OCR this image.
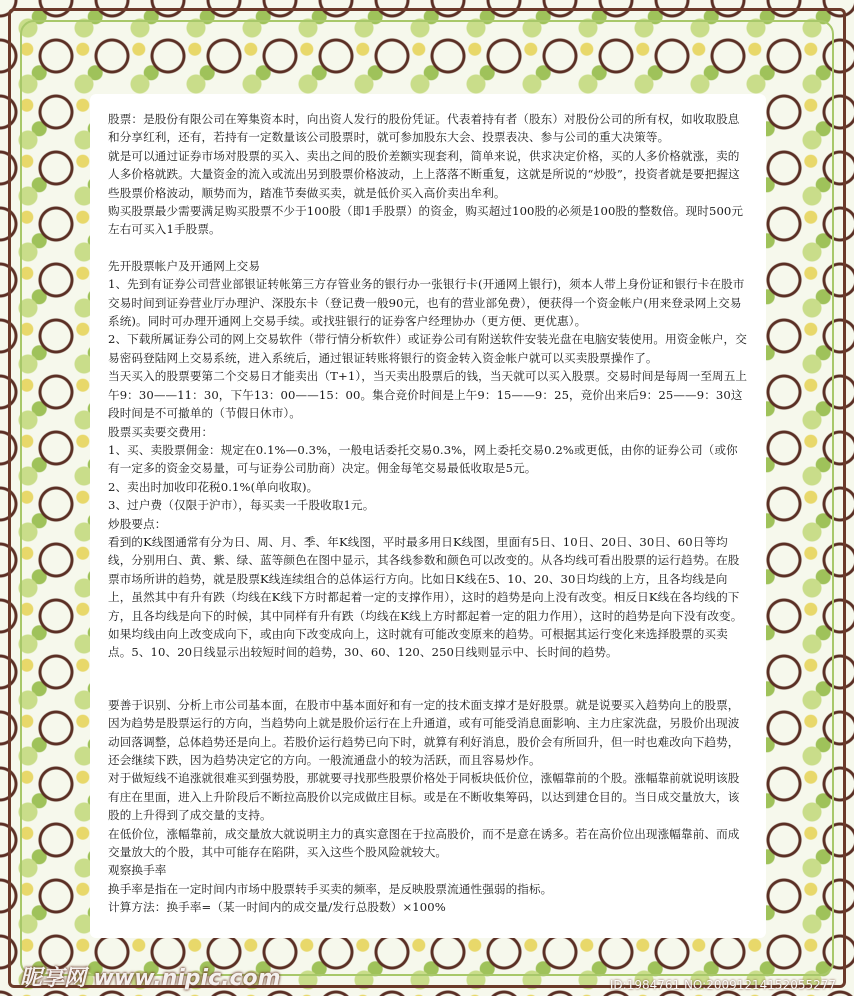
股票：是股份有限公司在筹集资本时，向出资人发行的股份凭证。代表着持有者（股东）对股份公司的所有权，如收取股息和分享红利，还有，若持有一定数量该公司股票时，就可参加股东大会、投票表决、参与公司的重大决策等。

就是可以通过证券市场对股票的买入、卖出之间的股价差额实现套利，简单来说，供求决定价格，买的人多价格就涨，卖的人多价格就跌。大量资金的流入或流出另到股票价格波动，上上落落不断重复，这就是所说的“炒股”，投资者就是要把握这些股票价格波动，顺势而为，踏准节奏做买卖，就是低价买入高价卖出牟利。

购买股票最少需要满足购买股票不少于100股（即1手股票）的资金，购买超过100股的必须是100股的整数倍。现时500元左右可买入1手股票。

先开股票帐户及开通网上交易

1、先到有证券公司营业部银证转帐第三方存管业务的银行办一张银行卡(开通网上银行)，须本人带上身份证和银行卡在股市交易时间到证券营业厅办理沪、深股东卡（登记费一般90元，也有的营业部免费），便获得一个资金帐户(用来登录网上交易系统)。同时可办理开通网上交易手续。或找驻银行的证券客户经理协办（更方便、更优惠）。

2、下载所属证券公司的网上交易软件（带行情分析软件）或证券公司有附送软件安装光盘在电脑安装使用。用资金帐户，交易密码登陆网上交易系统，进入系统后，通过银证转账将银行的资金转入资金帐户就可以买卖股票操作了。

当天买入的股票要第二个交易日才能卖出（T+1），当天卖出股票后的钱，当天就可以买入股票。交易时间是每周一至周五上午9：30——11：30，下午13：00——15：00。集合竞价时间是上午9：15——9：25，竞价出来后9：25——9：30这段时间是不可撤单的（节假日休市）。

股票买卖要交费用：

1、买、卖股票佣金：规定在0.1%—0.3%，一般电话委托交易0.3%，网上委托交易0.2%或更低，由你的证券公司（或你有一定多的资金交易量，可与证券公司肋商）决定。佣金每笔交易最低收取是5元。

2、卖出时加收印花税0.1%(单向收取)。

3、过户费（仅限于沪市），每买卖一千股收取1元。

炒股要点：

看到的K线图通常有分为日、周、月、季、年K线图，平时最多用日K线图，里面有5日、10日、20日、30日、60日等均线，分别用白、黄、紫、绿、蓝等颜色在图中显示，其各线参数和颜色可以改变的。从各均线可看出股票的运行趋势。在股票市场所讲的趋势，就是股票K线连续组合的总体运行方向。比如日K线在5、10、20、30日均线的上方，且各均线是向上，虽然其中有升有跌（均线在K线下方时都起着一定的支撑作用），这时的趋势是向上没有改变。相反日K线在各均线的下方，且各均线是向下的时候，其中同样有升有跌（均线在K线上方时都起着一定的阻力作用），这时的趋势是向下没有改变。如果均线由向上改变成向下，或由向下改变成向上，这时就有可能改变原来的趋势。可根据其运行变化来选择股票的买卖点。5、10、20日线显示出较短时间的趋势，30、60、120、250日线则显示中、长时间的趋势。

要善于识别、分析上市公司基本面，在股市中基本面好和有一定的技术面支撑才是好股票。就是说要买入趋势向上的股票，因为趋势是股票运行的方向，当趋势向上就是股价运行在上升通道，或有可能受消息面影响、主力庄家洗盘，另股价出现波动回落调整，总体趋势还是向上。若股价运行趋势已向下时，就算有利好消息，股价会有所回升，但一时也难改向下趋势，还会继续下跌，因为趋势决定它的方向。一般流通盘小的较为活跃，而且容易炒作。

对于做短线不追涨就很难买到强势股，那就要寻找那些股票价格处于同板块低价位，涨幅靠前的个股。涨幅靠前就说明该股有庄在里面，进入上升阶段后不断拉高股价以完成做庄目标。或是在不断收集筹码，以达到建仓目的。当日成交量放大，该股的上升得到了成交量的支持。

在低价位，涨幅靠前，成交量放大就说明主力的真实意图在于拉高股价，而不是意在诱多。若在高价位出现涨幅靠前、而成交量放大的个股，其中可能存在陷阱，买入这些个股风险就较大。

观察换手率

换手率是指在一定时间内市场中股票转手买卖的频率，是反映股票流通性强弱的指标。

计算方法：换手率=（某一时间内的成交量/发行总股数）×100%

昵享网 www.nipic.com	ID:1984761 NO:20091214152055277
